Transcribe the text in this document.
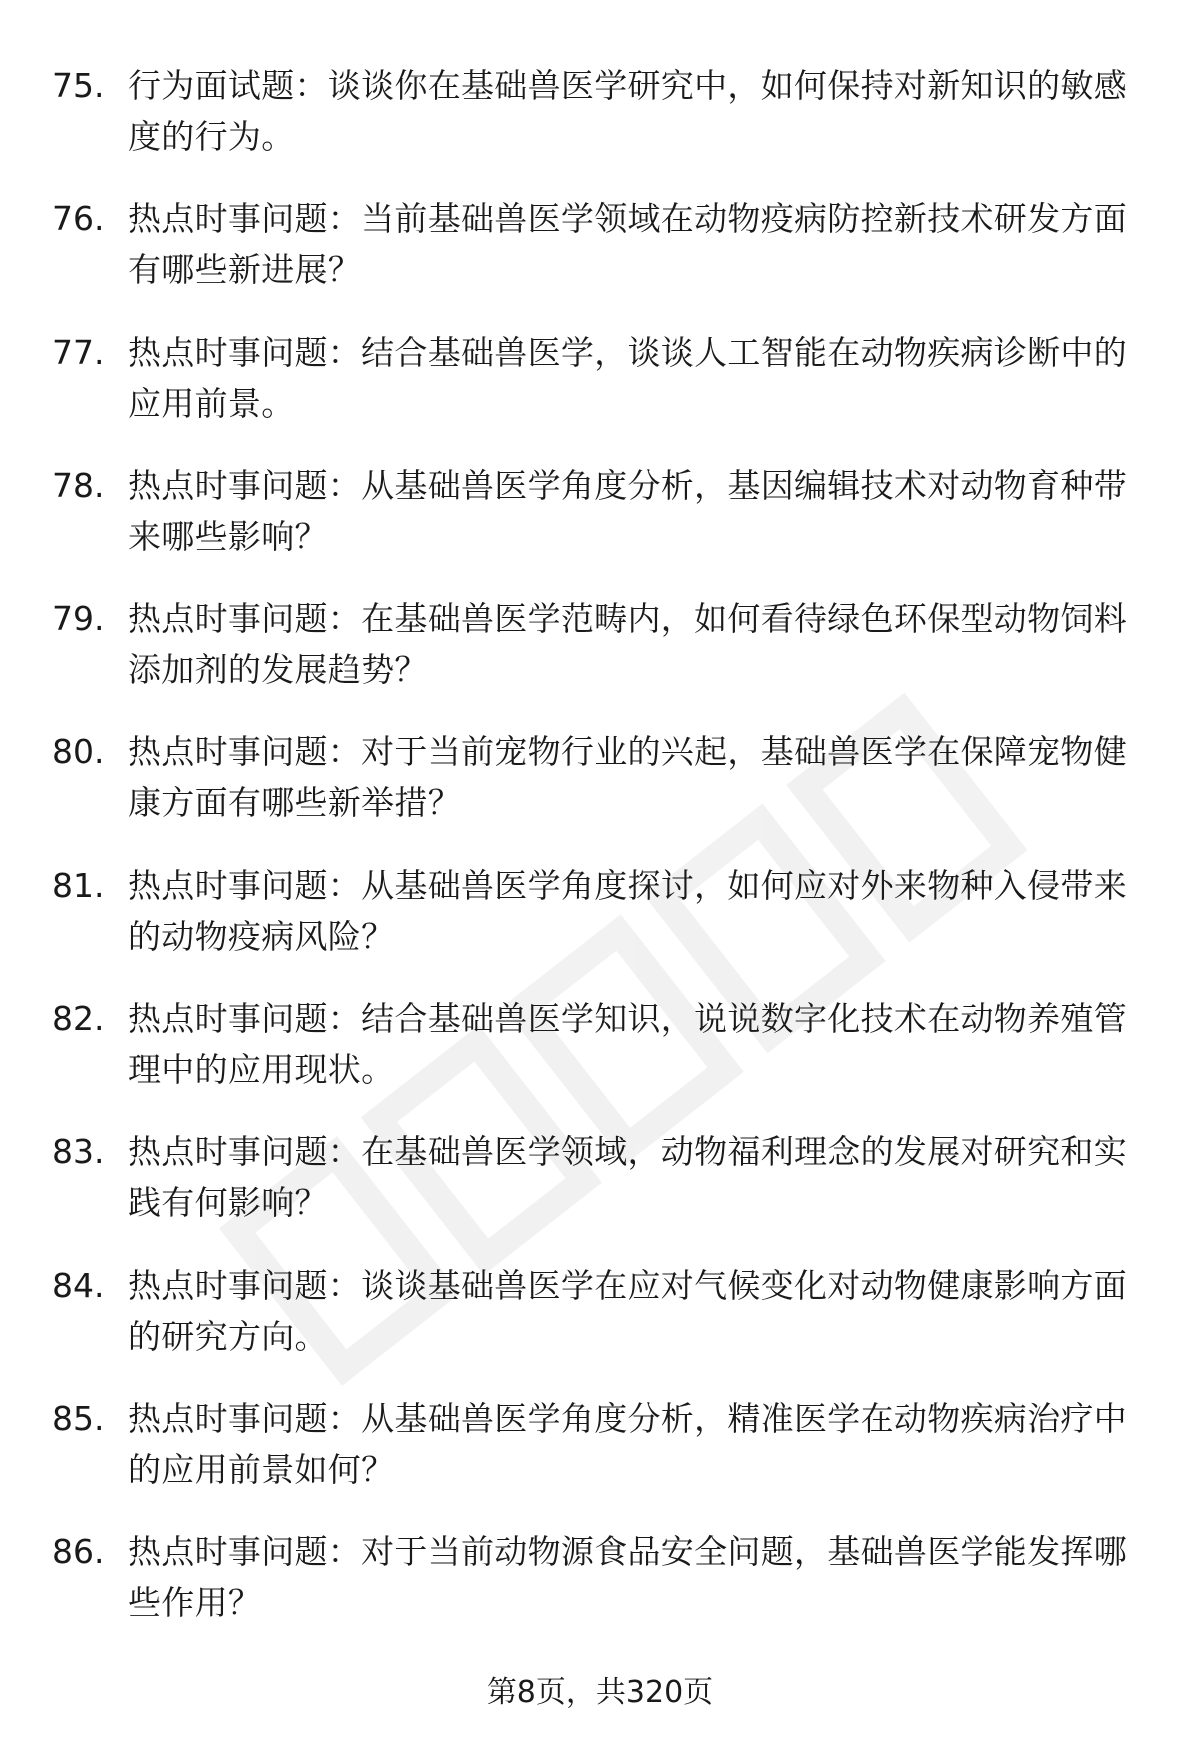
75. 行为面试题：谈谈你在基础兽医学研究中，如何保持对新知识的敏感度的行为。
76. 热点时事问题：当前基础兽医学领域在动物疫病防控新技术研发方面有哪些新进展？
77. 热点时事问题：结合基础兽医学，谈谈人工智能在动物疾病诊断中的应用前景。
78. 热点时事问题：从基础兽医学角度分析，基因编辑技术对动物育种带来哪些影响？
79. 热点时事问题：在基础兽医学范畴内，如何看待绿色环保型动物饲料添加剂的发展趋势？
80. 热点时事问题：对于当前宠物行业的兴起，基础兽医学在保障宠物健康方面有哪些新举措？
81. 热点时事问题：从基础兽医学角度探讨，如何应对外来物种入侵带来的动物疫病风险？
82. 热点时事问题：结合基础兽医学知识，说说数字化技术在动物养殖管理中的应用现状。
83. 热点时事问题：在基础兽医学领域，动物福利理念的发展对研究和实践有何影响？
84. 热点时事问题：谈谈基础兽医学在应对气候变化对动物健康影响方面的研究方向。
85. 热点时事问题：从基础兽医学角度分析，精准医学在动物疾病治疗中的应用前景如何？
86. 热点时事问题：对于当前动物源食品安全问题，基础兽医学能发挥哪些作用？
第8页，共320页
